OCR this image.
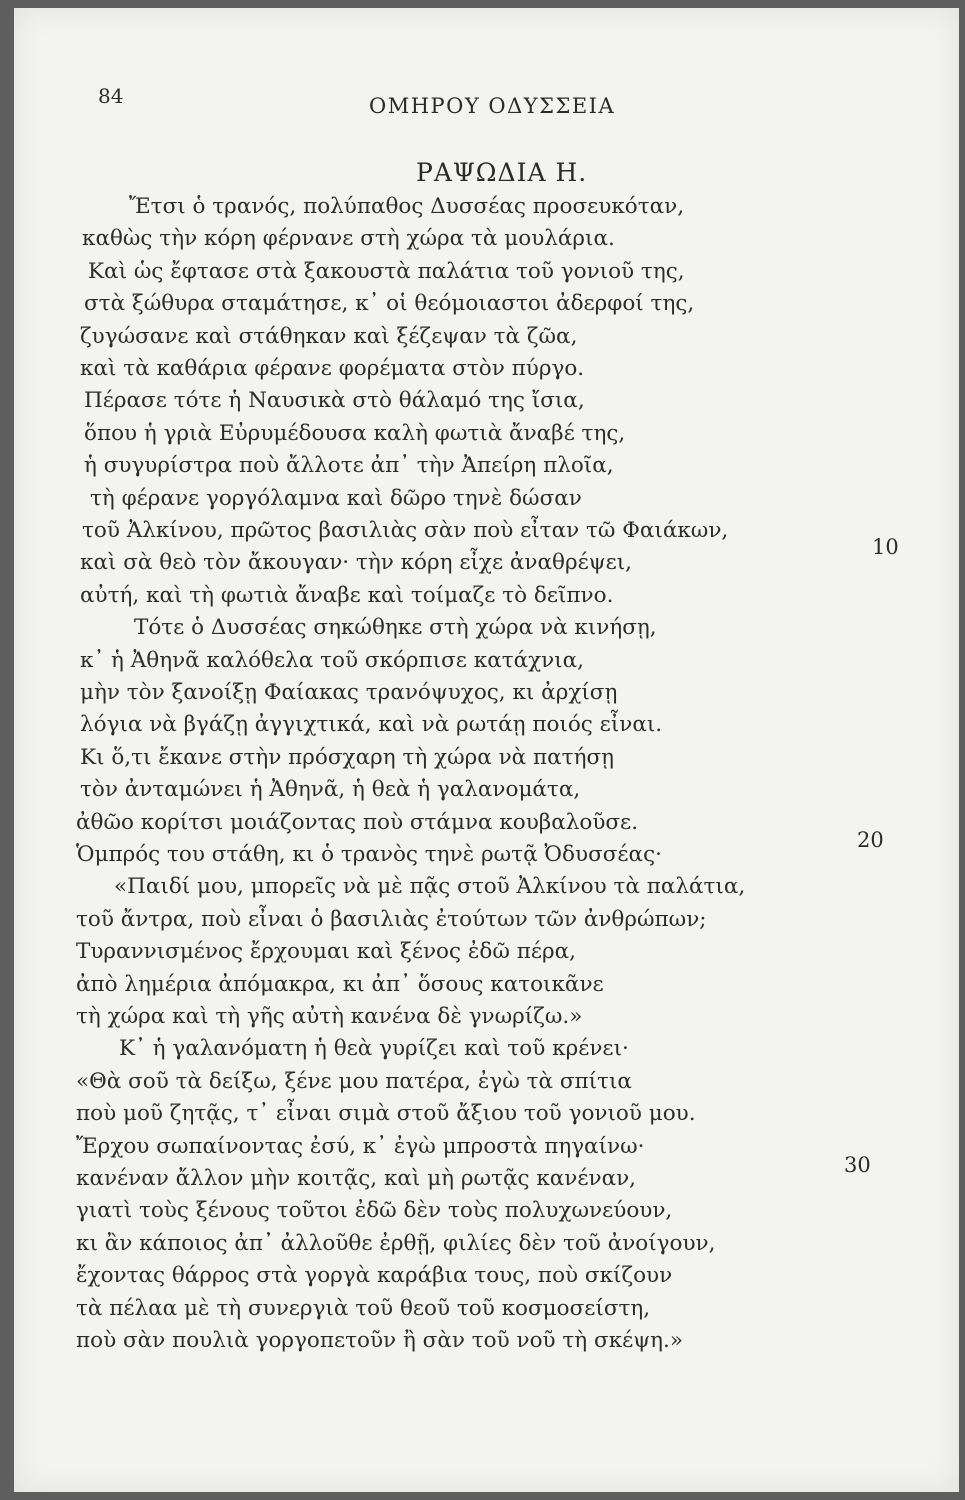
84	ΟΜΗΡΟΥ ΟΔΥΣΣΕΙΑ

ΡΑΨΩΔΙΑ Η.
Ἔτσι ὁ τρανός, πολύπαθος Δυσσέας προσευκόταν,
καθὼς τὴν κόρη φέρνανε στὴ χώρα τὰ μουλάρια.
Καὶ ὡς ἔφτασε στὰ ξακουστὰ παλάτια τοῦ γονιοῦ της,
στὰ ξώθυρα σταμάτησε, κ᾽ οἱ θεόμοιαστοι ἀδερφοί της,
ζυγώσανε καὶ στάθηκαν καὶ ξέζεψαν τὰ ζῶα,
καὶ τὰ καθάρια φέρανε φορέματα στὸν πύργο.
Πέρασε τότε ἡ Ναυσικὰ στὸ θάλαμό της ἴσια,
ὅπου ἡ γριὰ Εὐρυμέδουσα καλὴ φωτιὰ ἄναβέ της,
ἡ συγυρίστρα ποὺ ἄλλοτε ἀπ᾽ τὴν Ἀπείρη πλοῖα,
τὴ φέρανε γοργόλαμνα καὶ δῶρο τηνὲ δώσαν
τοῦ Ἀλκίνου, πρῶτος βασιλιὰς σὰν ποὺ εἶταν τῶ Φαιάκων,
καὶ σὰ θεὸ τὸν ἄκουγαν· τὴν κόρη εἶχε ἀναθρέψει,
αὐτή, καὶ τὴ φωτιὰ ἄναβε καὶ τοίμαζε τὸ δεῖπνο.
Τότε ὁ Δυσσέας σηκώθηκε στὴ χώρα νὰ κινήσῃ,
κ᾽ ἡ Ἀθηνᾶ καλόθελα τοῦ σκόρπισε κατάχνια,
μὴν τὸν ξανοίξῃ Φαίακας τρανόψυχος, κι ἀρχίσῃ
λόγια νὰ βγάζῃ ἀγγιχτικά, καὶ νὰ ρωτάῃ ποιός εἶναι.
Κι ὅ,τι ἔκανε στὴν πρόσχαρη τὴ χώρα νὰ πατήσῃ
τὸν ἀνταμώνει ἡ Ἀθηνᾶ, ἡ θεὰ ἡ γαλανομάτα,
ἀθῶο κορίτσι μοιάζοντας ποὺ στάμνα κουβαλοῦσε.
Ὁμπρός του στάθη, κι ὁ τρανὸς τηνὲ ρωτᾷ Ὀδυσσέας·
«Παιδί μου, μπορεῖς νὰ μὲ πᾷς στοῦ Ἀλκίνου τὰ παλάτια,
τοῦ ἄντρα, ποὺ εἶναι ὁ βασιλιὰς ἐτούτων τῶν ἀνθρώπων;
Τυραννισμένος ἔρχουμαι καὶ ξένος ἐδῶ πέρα,
ἀπὸ λημέρια ἀπόμακρα, κι ἀπ᾽ ὅσους κατοικᾶνε
τὴ χώρα καὶ τὴ γῆς αὐτὴ κανένα δὲ γνωρίζω.»
Κ᾽ ἡ γαλανόματη ἡ θεὰ γυρίζει καὶ τοῦ κρένει·
«Θὰ σοῦ τὰ δείξω, ξένε μου πατέρα, ἐγὼ τὰ σπίτια
ποὺ μοῦ ζητᾷς, τ᾽ εἶναι σιμὰ στοῦ ἄξιου τοῦ γονιοῦ μου.
Ἔρχου σωπαίνοντας ἐσύ, κ᾽ ἐγὼ μπροστὰ πηγαίνω·
κανέναν ἄλλον μὴν κοιτᾷς, καὶ μὴ ρωτᾷς κανέναν,
γιατὶ τοὺς ξένους τοῦτοι ἐδῶ δὲν τοὺς πολυχωνεύουν,
κι ἂν κάποιος ἀπ᾽ ἀλλοῦθε ἐρθῇ, φιλίες δὲν τοῦ ἀνοίγουν,
ἔχοντας θάρρος στὰ γοργὰ καράβια τους, ποὺ σκίζουν
τὰ πέλαα μὲ τὴ συνεργιὰ τοῦ θεοῦ τοῦ κοσμοσείστη,
ποὺ σὰν πουλιὰ γοργοπετοῦν ἢ σὰν τοῦ νοῦ τὴ σκέψη.»
10
20
30
